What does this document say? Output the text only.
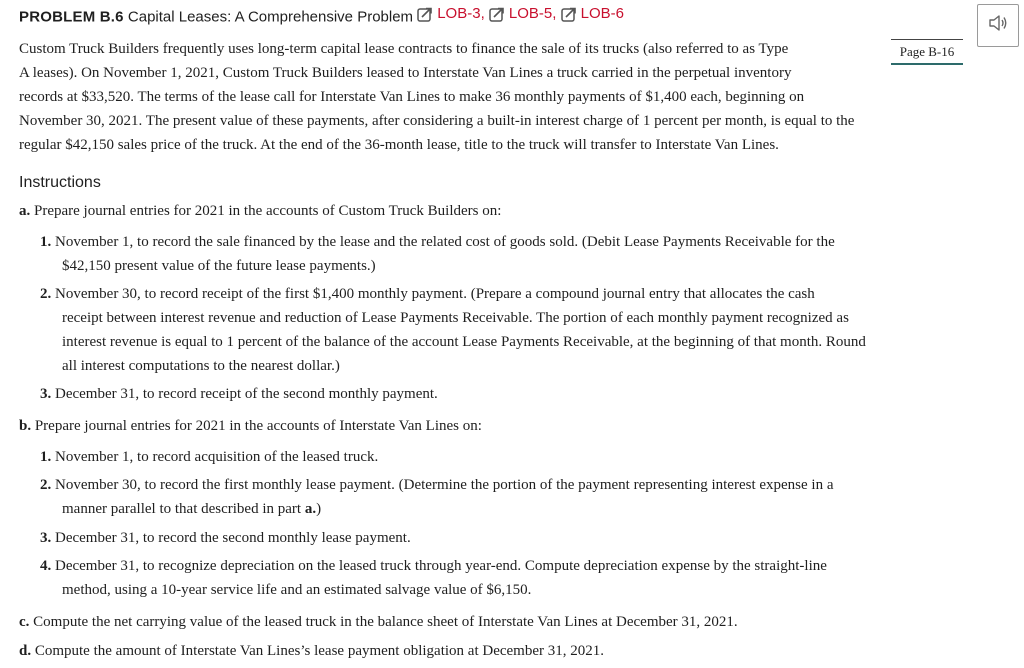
PROBLEM B.6 Capital Leases: A Comprehensive Problem LOB-3,
LOB-5,
LOB-6
Page B-16
Custom Truck Builders frequently uses long-term capital lease contracts to finance the sale of its trucks (also referred to as Type
A leases). On November 1, 2021, Custom Truck Builders leased to Interstate Van Lines a truck carried in the perpetual inventory
records at $33,520. The terms of the lease call for Interstate Van Lines to make 36 monthly payments of $1,400 each, beginning on
November 30, 2021. The present value of these payments, after considering a built-in interest charge of 1 percent per month, is equal to the
regular $42,150 sales price of the truck. At the end of the 36-month lease, title to the truck will transfer to Interstate Van Lines.
Instructions
a. Prepare journal entries for 2021 in the accounts of Custom Truck Builders on:
1. November 1, to record the sale financed by the lease and the related cost of goods sold. (Debit Lease Payments Receivable for the
$42,150 present value of the future lease payments.)
2. November 30, to record receipt of the first $1,400 monthly payment. (Prepare a compound journal entry that allocates the cash
receipt between interest revenue and reduction of Lease Payments Receivable. The portion of each monthly payment recognized as
interest revenue is equal to 1 percent of the balance of the account Lease Payments Receivable, at the beginning of that month. Round
all interest computations to the nearest dollar.)
3. December 31, to record receipt of the second monthly payment.
b. Prepare journal entries for 2021 in the accounts of Interstate Van Lines on:
1. November 1, to record acquisition of the leased truck.
2. November 30, to record the first monthly lease payment. (Determine the portion of the payment representing interest expense in a
manner parallel to that described in part a.)
3. December 31, to record the second monthly lease payment.
4. December 31, to recognize depreciation on the leased truck through year-end. Compute depreciation expense by the straight-line
method, using a 10-year service life and an estimated salvage value of $6,150.
c. Compute the net carrying value of the leased truck in the balance sheet of Interstate Van Lines at December 31, 2021.
d. Compute the amount of Interstate Van Lines’s lease payment obligation at December 31, 2021.
